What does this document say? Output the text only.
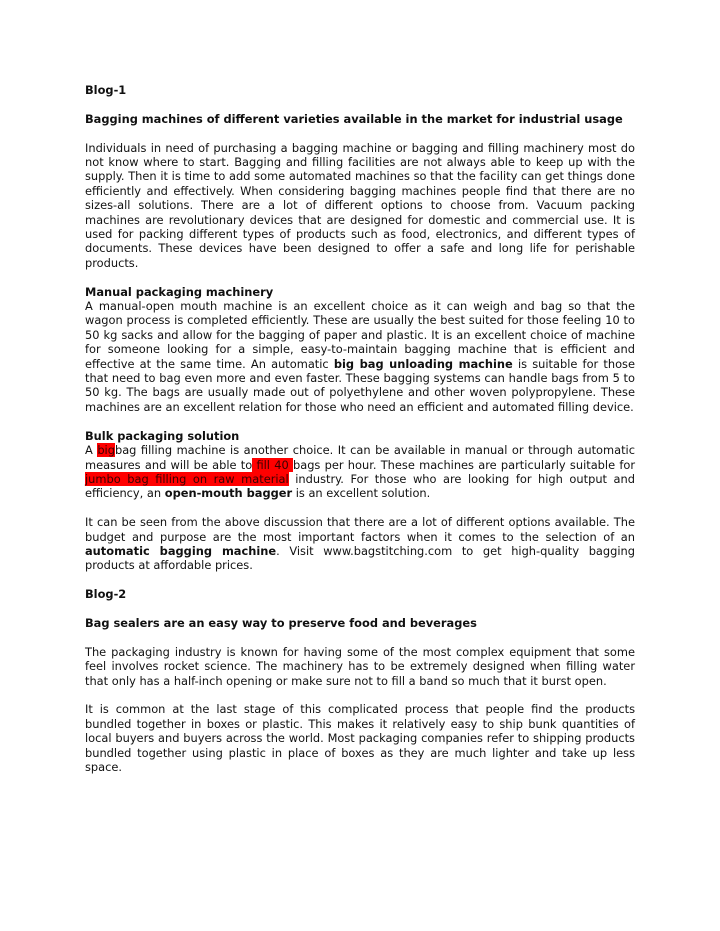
Blog-1

Bagging machines of different varieties available in the market for industrial usage

Individuals in need of purchasing a bagging machine or bagging and filling machinery most do not know where to start. Bagging and filling facilities are not always able to keep up with the supply. Then it is time to add some automated machines so that the facility can get things done efficiently and effectively. When considering bagging machines people find that there are no sizes-all solutions. There are a lot of different options to choose from. Vacuum packing machines are revolutionary devices that are designed for domestic and commercial use. It is used for packing different types of products such as food, electronics, and different types of documents. These devices have been designed to offer a safe and long life for perishable products.

Manual packaging machinery

A manual-open mouth machine is an excellent choice as it can weigh and bag so that the wagon process is completed efficiently. These are usually the best suited for those feeling 10 to 50 kg sacks and allow for the bagging of paper and plastic. It is an excellent choice of machine for someone looking for a simple, easy-to-maintain bagging machine that is efficient and effective at the same time. An automatic big bag unloading machine is suitable for those that need to bag even more and even faster. These bagging systems can handle bags from 5 to 50 kg. The bags are usually made out of polyethylene and other woven polypropylene. These machines are an excellent relation for those who need an efficient and automated filling device.

Bulk packaging solution

A bigbag filling machine is another choice. It can be available in manual or through automatic measures and will be able to fill 40 bags per hour. These machines are particularly suitable for jumbo bag filling on raw material industry. For those who are looking for high output and efficiency, an open-mouth bagger is an excellent solution.

It can be seen from the above discussion that there are a lot of different options available. The budget and purpose are the most important factors when it comes to the selection of an automatic bagging machine. Visit www.bagstitching.com to get high-quality bagging products at affordable prices.

Blog-2

Bag sealers are an easy way to preserve food and beverages

The packaging industry is known for having some of the most complex equipment that some feel involves rocket science. The machinery has to be extremely designed when filling water that only has a half-inch opening or make sure not to fill a band so much that it burst open.

It is common at the last stage of this complicated process that people find the products bundled together in boxes or plastic. This makes it relatively easy to ship bunk quantities of local buyers and buyers across the world. Most packaging companies refer to shipping products bundled together using plastic in place of boxes as they are much lighter and take up less space.
